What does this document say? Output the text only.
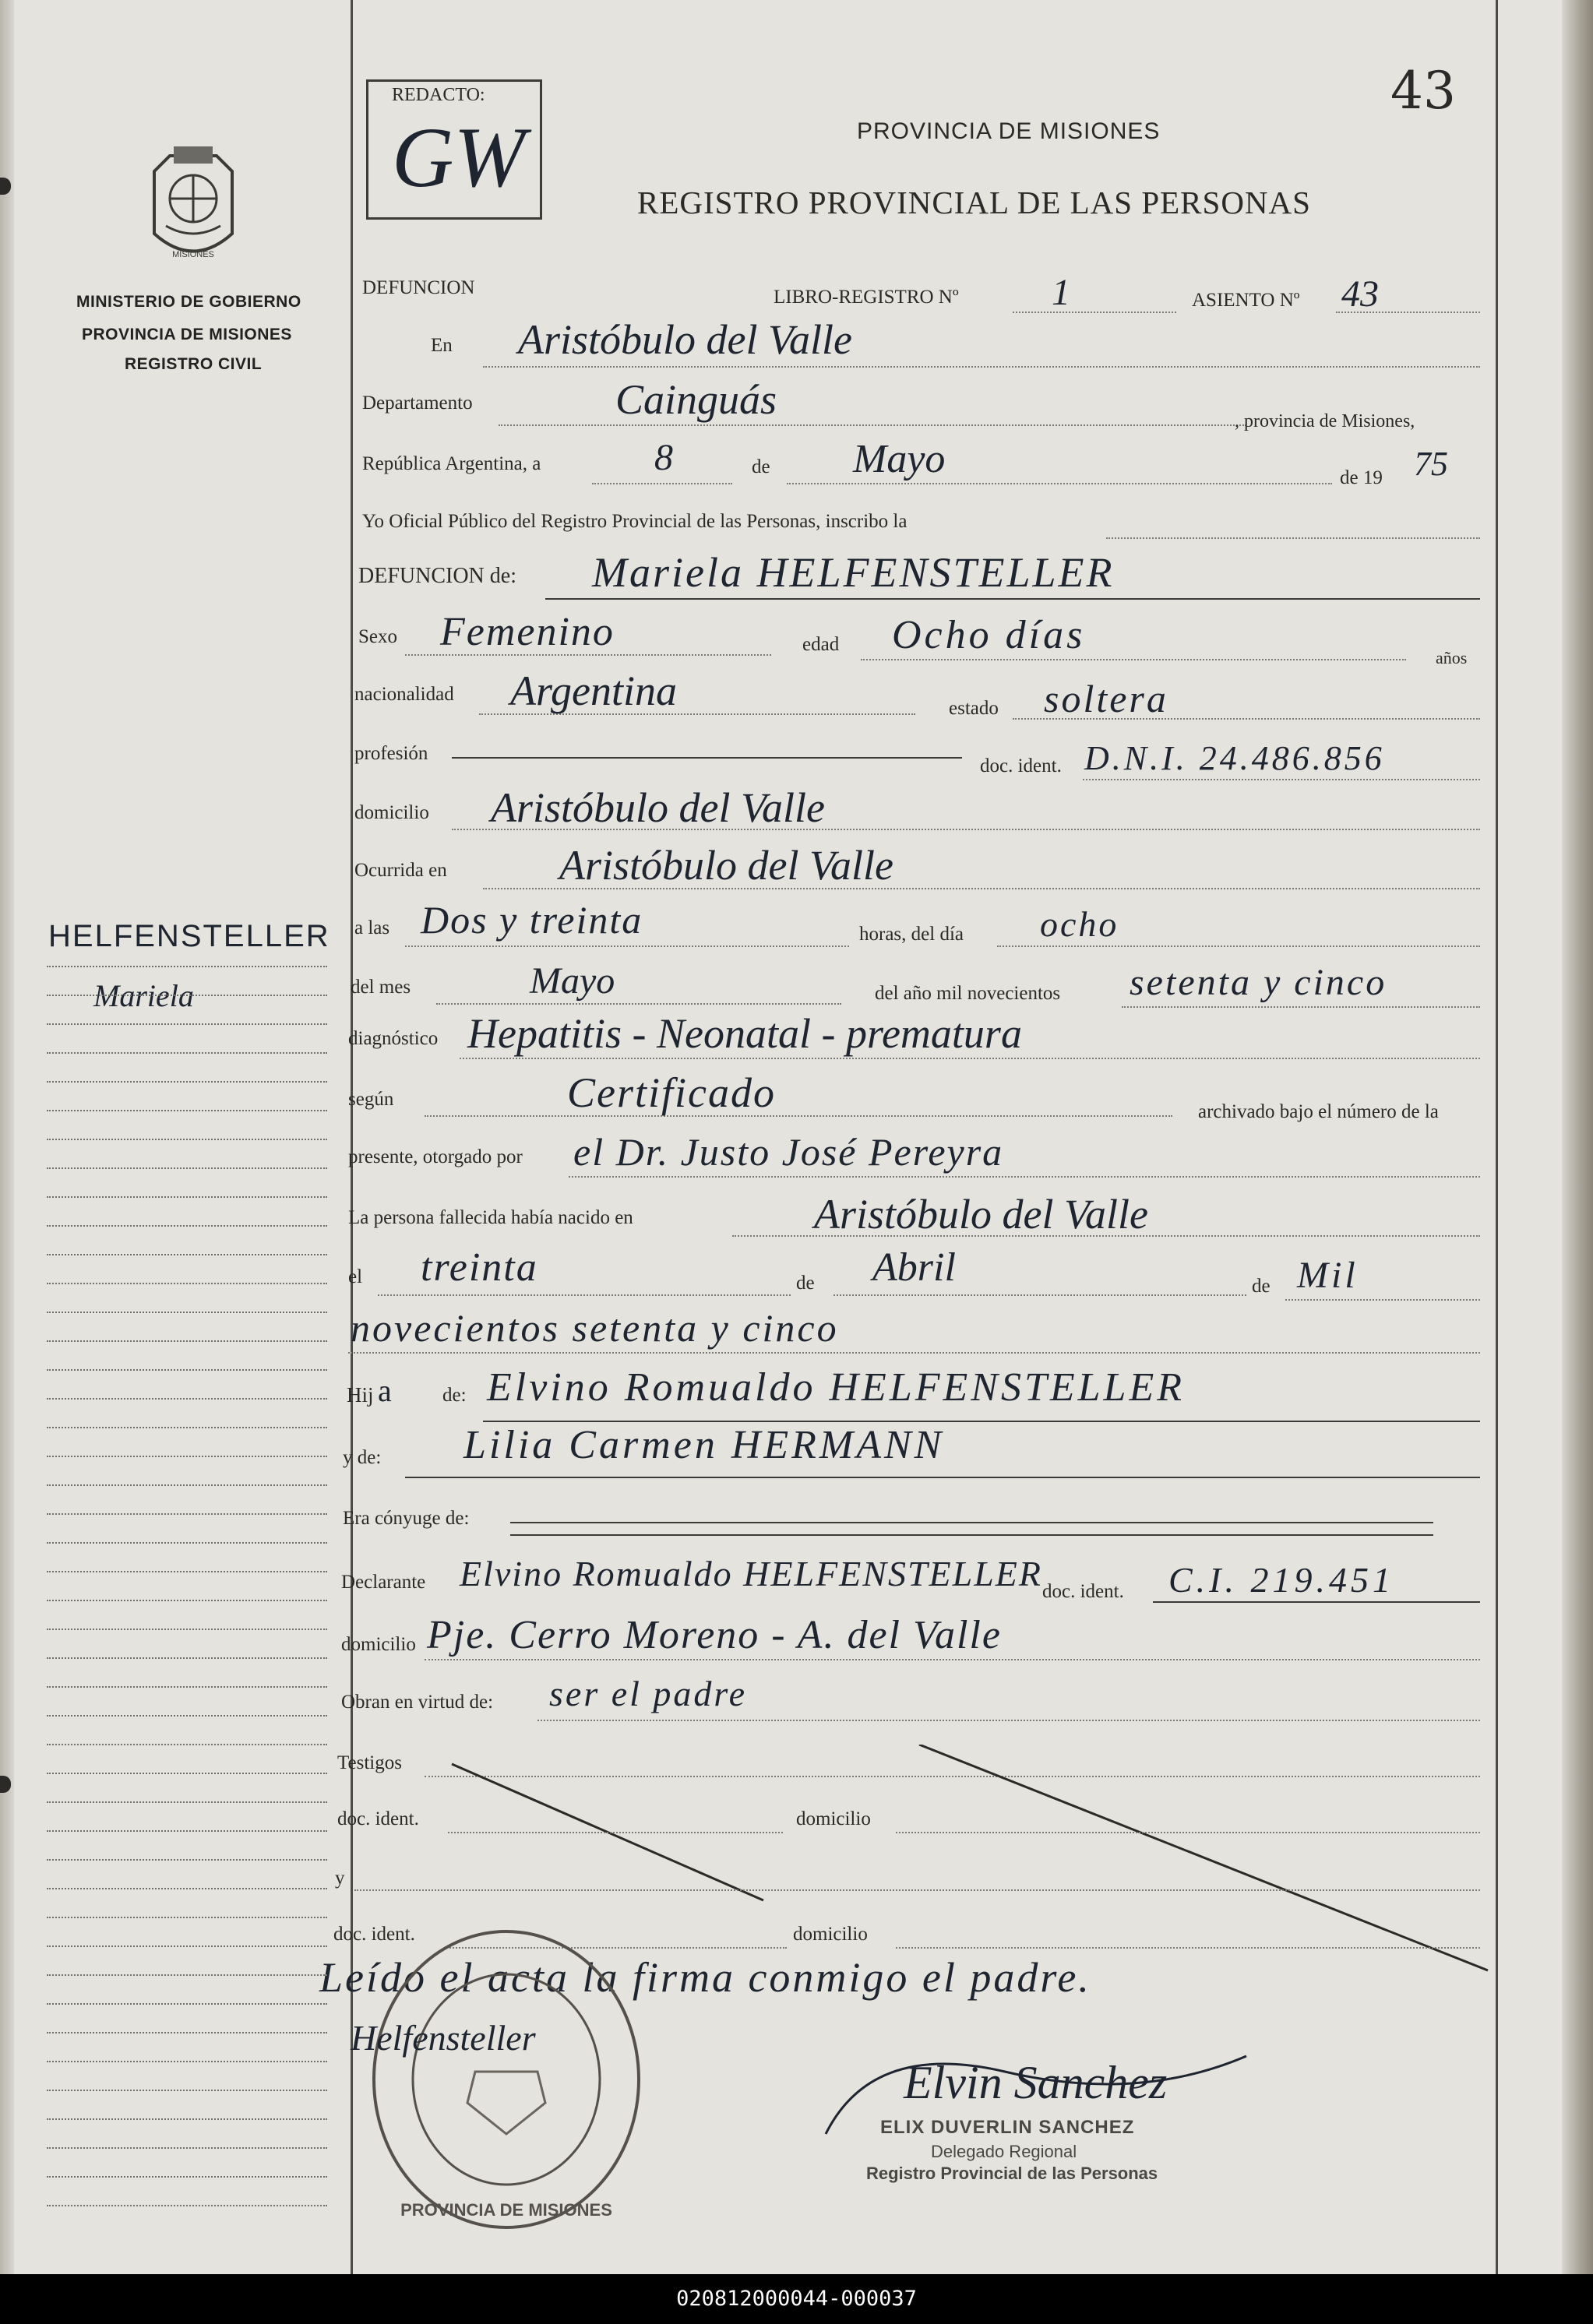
MISIONES
MINISTERIO DE GOBIERNO
PROVINCIA DE MISIONES
REGISTRO CIVIL
HELFENSTELLER
Mariela
REDACTO:
GW
43
PROVINCIA DE MISIONES
REGISTRO PROVINCIAL DE LAS PERSONAS
DEFUNCION	LIBRO-REGISTRO Nº 1	ASIENTO Nº 43
En Aristóbulo del Valle
Departamento	Cainguás	, provincia de Misiones,
República Argentina, a	8	de Mayo	de 19 75
Yo Oficial Público del Registro Provincial de las Personas, inscribo la
DEFUNCION de: Mariela HELFENSTELLER
Sexo Femenino	edad Ocho días
años
nacionalidad Argentina	estado soltera
profesión
doc. ident. D.N.I. 24.486.856
domicilio Aristóbulo del Valle
Ocurrida en	Aristóbulo del Valle
a las Dos y treinta	horas, del día ocho
del mes	Mayo	del año mil novecientos setenta y cinco
diagnóstico Hepatitis - Neonatal - prematura
según	Certificado	archivado bajo el número de la
presente, otorgado por el Dr. Justo José Pereyra
La persona fallecida había nacido en	Aristóbulo del Valle
el treinta	de Abril	de Mil
novecientos setenta y cinco
Hij a	de: Elvino Romualdo HELFENSTELLER
y de: Lilia Carmen HERMANN
Era cónyuge de:
Declarante Elvino Romualdo HELFENSTELLER doc. ident. C.I. 219.451
domicilio Pje. Cerro Moreno - A. del Valle
Obran en virtud de: ser el padre
Testigos
doc. ident.	domicilio
y
doc. ident.	domicilio
Leído el acta la firma conmigo el padre.
PROVINCIA DE MISIONES
Helfensteller
Elvin Sanchez
ELIX DUVERLIN SANCHEZ
Delegado Regional
Registro Provincial de las Personas
020812000044-000037
